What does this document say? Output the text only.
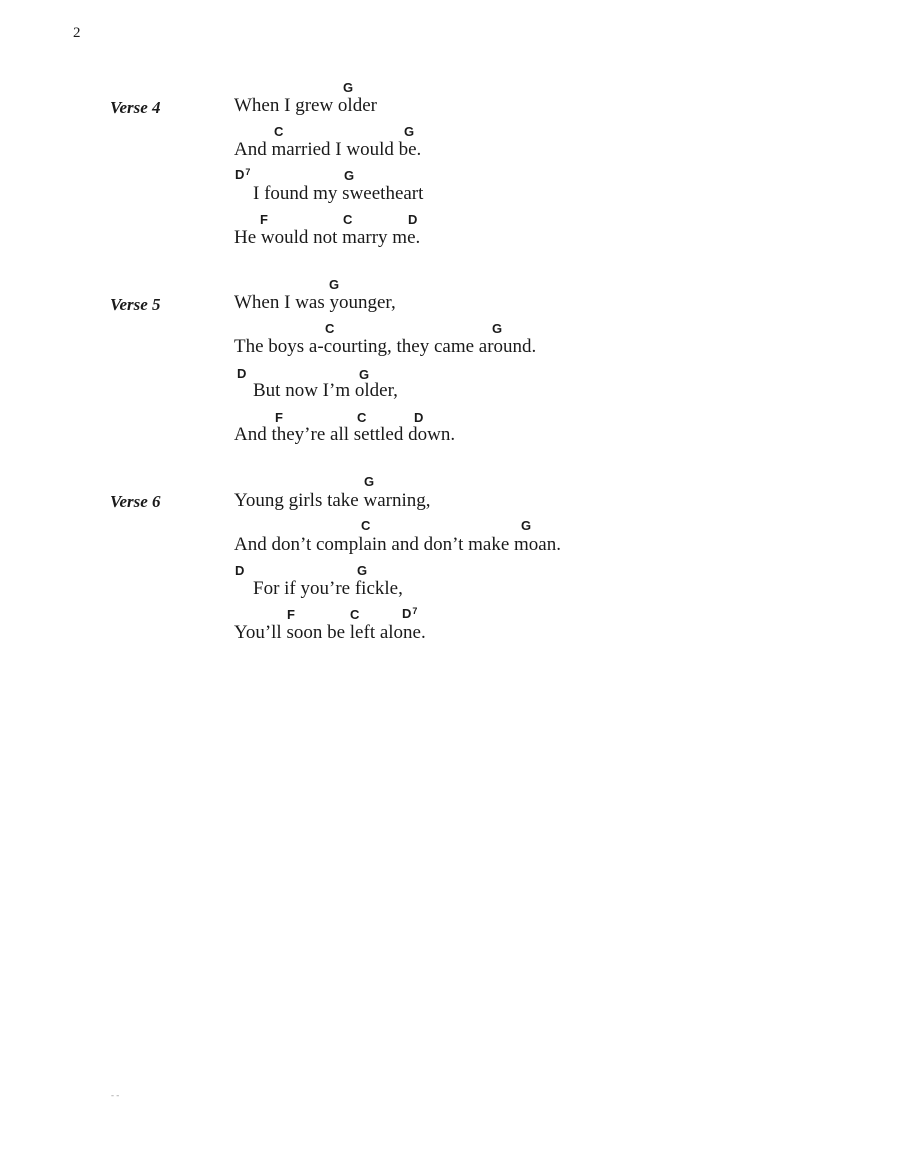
2
Verse 4
G
When I grew older
C	G
And married I would be.
$D^7$	G
I found my sweetheart
F	C	D
He would not marry me.
Verse 5
G
When I was younger,
C	G
The boys a-courting, they came around.
D	G
But now I’m older,
F	C	D
And they’re all settled down.
Verse 6
G
Young girls take warning,
C	G
And don’t complain and don’t make moan.
D	G
For if you’re fickle,
F	C	$D^7$
You’ll soon be left alone.
- -
